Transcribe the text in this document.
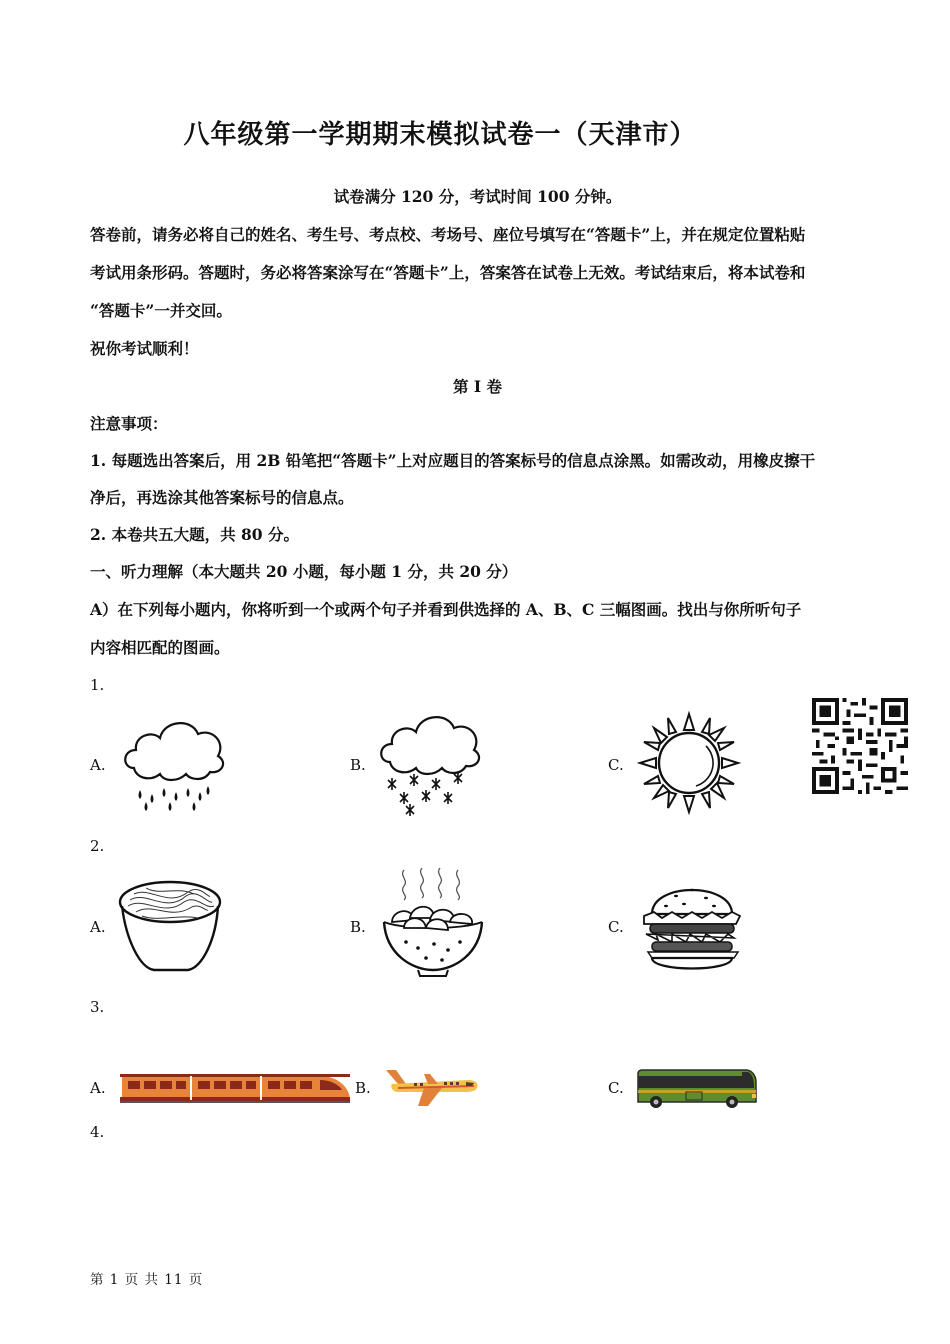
八年级第一学期期末模拟试卷一（天津市）
试卷满分 120 分，考试时间 100 分钟。
答卷前，请务必将自己的姓名、考生号、考点校、考场号、座位号填写在“答题卡”上，并在规定位置粘贴
考试用条形码。答题时，务必将答案涂写在“答题卡”上，答案答在试卷上无效。考试结束后，将本试卷和
“答题卡”一并交回。
祝你考试顺利！
第 I 卷
注意事项：
1. 每题选出答案后，用 2B 铅笔把“答题卡”上对应题目的答案标号的信息点涂黑。如需改动，用橡皮擦干
净后，再选涂其他答案标号的信息点。
2. 本卷共五大题，共 80 分。
一、听力理解（本大题共 20 小题，每小题 1 分，共 20 分）
A）在下列每小题内，你将听到一个或两个句子并看到供选择的 A、B、C 三幅图画。找出与你所听句子
内容相匹配的图画。
1.
A.	B.	C.
2.
A.	B.	C.
3.
A.	B.	C.
4.
第 1 页 共 11 页
